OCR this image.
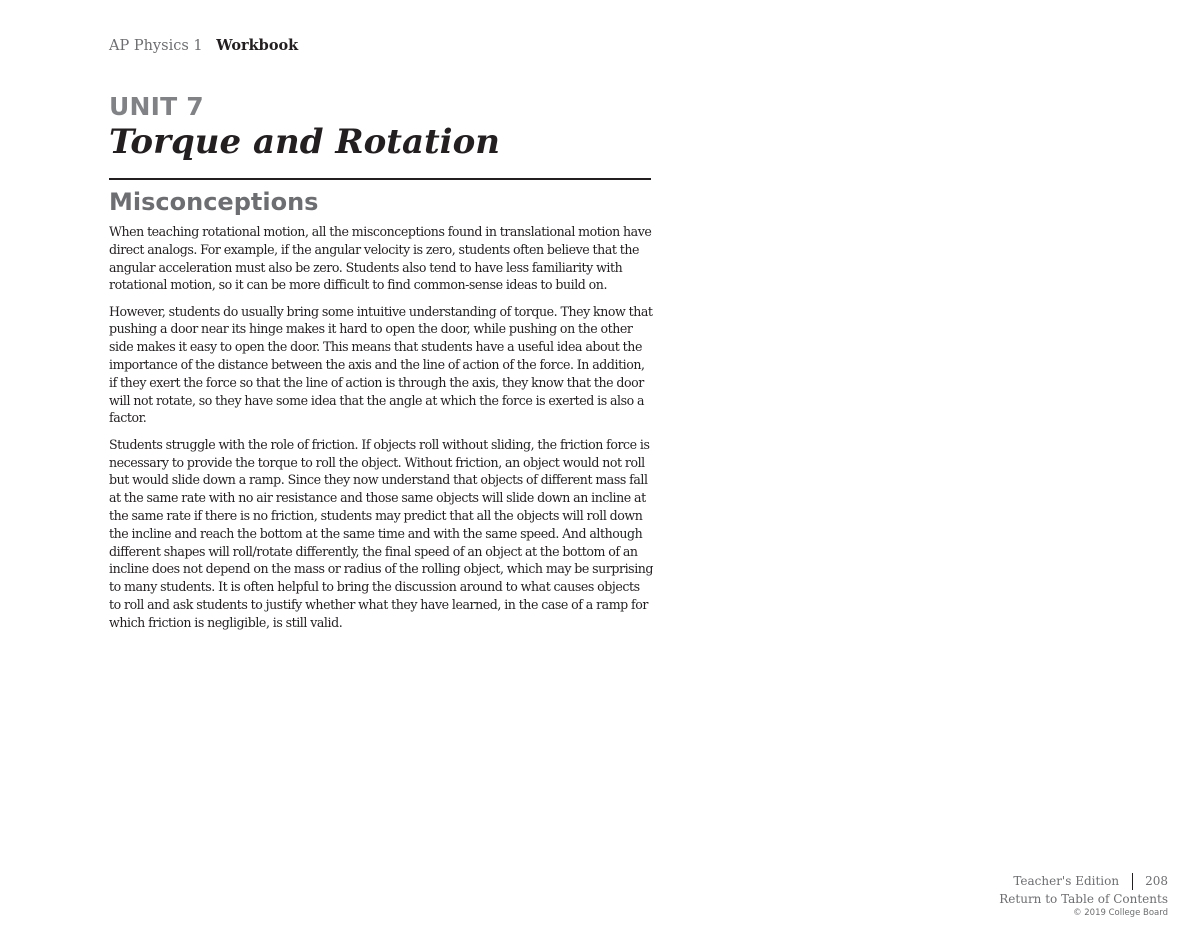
AP Physics 1 Workbook
UNIT 7
Torque and Rotation
Misconceptions

When teaching rotational motion, all the misconceptions found in translational motion have direct analogs. For example, if the angular velocity is zero, students often believe that the angular acceleration must also be zero. Students also tend to have less familiarity with rotational motion, so it can be more difficult to find common-sense ideas to build on.

However, students do usually bring some intuitive understanding of torque. They know that pushing a door near its hinge makes it hard to open the door, while pushing on the other side makes it easy to open the door. This means that students have a useful idea about the importance of the distance between the axis and the line of action of the force. In addition, if they exert the force so that the line of action is through the axis, they know that the door will not rotate, so they have some idea that the angle at which the force is exerted is also a factor.

Students struggle with the role of friction. If objects roll without sliding, the friction force is necessary to provide the torque to roll the object. Without friction, an object would not roll but would slide down a ramp. Since they now understand that objects of different mass fall at the same rate with no air resistance and those same objects will slide down an incline at the same rate if there is no friction, students may predict that all the objects will roll down the incline and reach the bottom at the same time and with the same speed. And although different shapes will roll/rotate differently, the final speed of an object at the bottom of an incline does not depend on the mass or radius of the rolling object, which may be surprising to many students. It is often helpful to bring the discussion around to what causes objects to roll and ask students to justify whether what they have learned, in the case of a ramp for which friction is negligible, is still valid.

Teacher's Edition 208
Return to Table of Contents
© 2019 College Board
